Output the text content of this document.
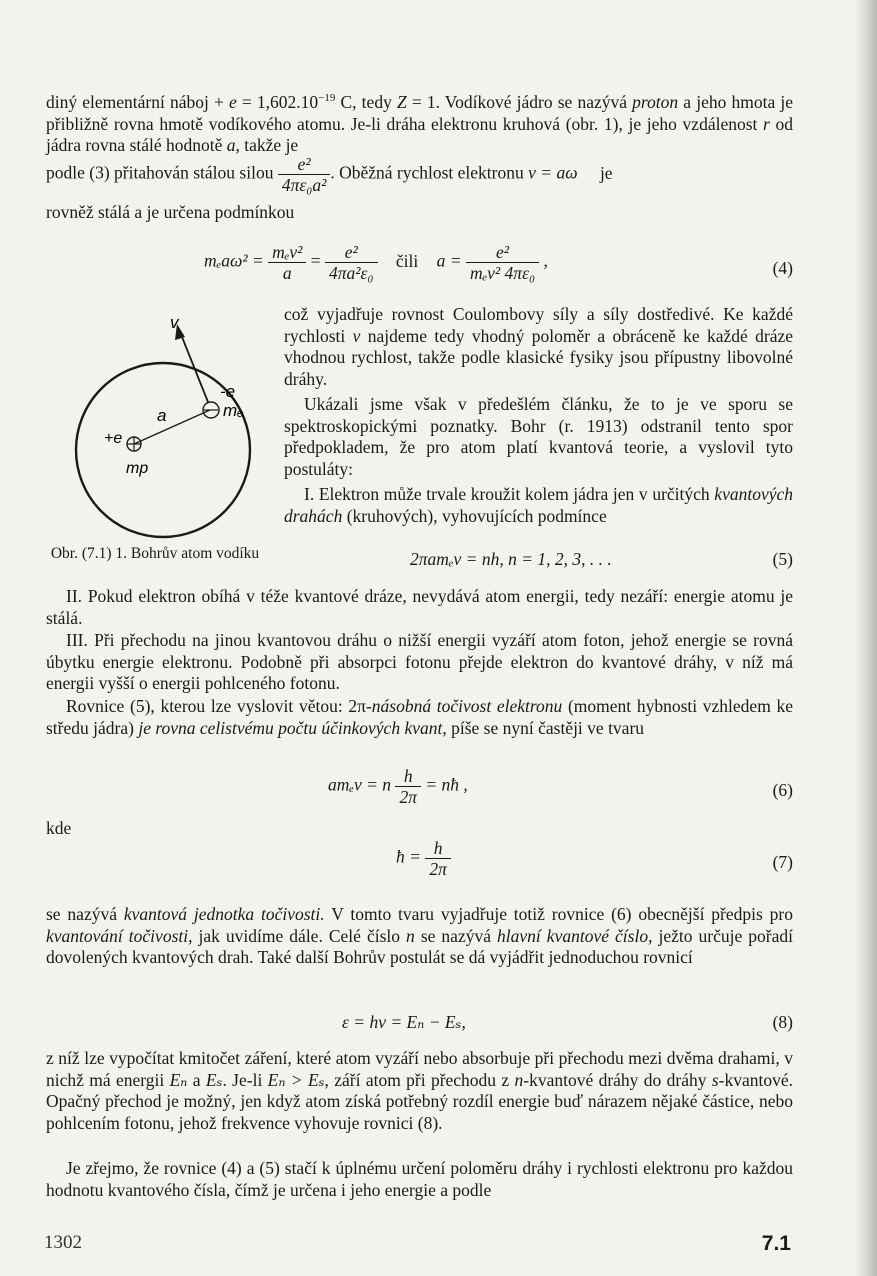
diný elementární náboj + $e = 1,602.10^{-19}$ C, tedy Z = 1. Vodíkové jádro se nazývá proton a jeho hmota je přibližně rovna hmotě vodíkového atomu. Je-li dráha elektronu kruhová (obr. 1), je jeho vzdálenost r od jádra rovna stálé hodnotě a, takže je

podle (3) přitahován stálou silou $\frac{\text{e²}}{\text{4πε₀a²}}$ . Oběžná rychlost elektronu v = aω je

rovněž stálá a je určena podmínkou

$m_ea\omega^2 = \frac{\text{mₑv²}}{a} = \frac{\text{e²}}{\text{4πa²ε₀}}$ čili $a = \frac{\text{e²}}{\text{mₑv² 4πε₀}}$ ,	(4)

což vyjadřuje rovnost Coulombovy síly a síly dostředivé. Ke každé rychlosti v najdeme tedy vhodný poloměr a obráceně ke každé dráze vhodnou rychlost, takže podle klasické fysiky jsou přípustny libovolné dráhy.

Ukázali jsme však v předešlém článku, že to je ve sporu se spektroskopickými poznatky. Bohr (r. 1913) odstranil tento spor předpokladem, že pro atom platí kvantová teorie, a vyslovil tyto postuláty:

I. Elektron může trvale kroužit kolem jádra jen v určitých kvantových drahách (kruhových), vyhovujících podmínce

v
-e
mₑ
a
+e
mp
Obr. (7.1) 1. Bohrův atom vodíku	2πamₑv = nh, n = 1, 2, 3, . . .	(5)

II. Pokud elektron obíhá v téže kvantové dráze, nevydává atom energii, tedy nezáří: energie atomu je stálá.

III. Při přechodu na jinou kvantovou dráhu o nižší energii vyzáří atom foton, jehož energie se rovná úbytku energie elektronu. Podobně při absorpci fotonu přejde elektron do kvantové dráhy, v níž má energii vyšší o energii pohlceného fotonu.

Rovnice (5), kterou lze vyslovit větou: 2π-násobná točivost elektronu (moment hybnosti vzhledem ke středu jádra) je rovna celistvému počtu účinkových kvant, píše se nyní častěji ve tvaru

amₑv = n $\frac{h}{2\pi}$ = nħ ,	(6)

kde

ħ = $\frac{h}{2\pi}$	(7)

se nazývá kvantová jednotka točivosti. V tomto tvaru vyjadřuje totiž rovnice (6) obecnější předpis pro kvantování točivosti, jak uvidíme dále. Celé číslo n se nazývá hlavní kvantové číslo, ježto určuje pořadí dovolených kvantových drah. Také další Bohrův postulát se dá vyjádřit jednoduchou rovnicí

ε = hν = Eₙ − Eₛ,	(8)

z níž lze vypočítat kmitočet záření, které atom vyzáří nebo absorbuje při přechodu mezi dvěma drahami, v nichž má energii Eₙ a Eₛ. Je-li Eₙ > Eₛ, září atom při přechodu z n-kvantové dráhy do dráhy s-kvantové. Opačný přechod je možný, jen když atom získá potřebný rozdíl energie buď nárazem nějaké částice, nebo pohlcením fotonu, jehož frekvence vyhovuje rovnici (8).

Je zřejmo, že rovnice (4) a (5) stačí k úplnému určení poloměru dráhy i rychlosti elektronu pro každou hodnotu kvantového čísla, čímž je určena i jeho energie a podle

1302	7.1
